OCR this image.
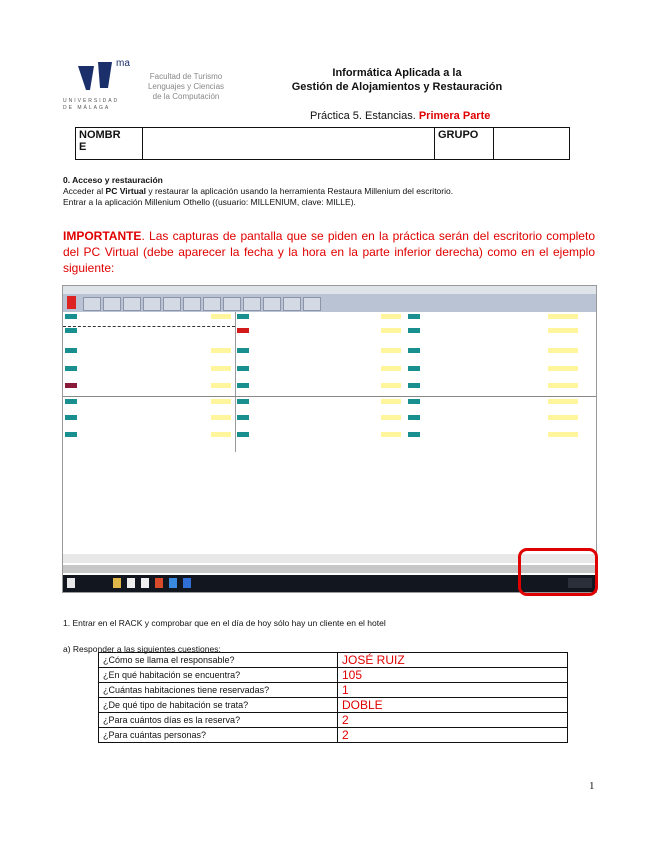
ma
UNIVERSIDAD DE MÁLAGA
Facultad de Turismo
Lenguajes y Ciencias
de la Computación
Informática Aplicada a la
Gestión de Alojamientos y Restauración
Práctica 5. Estancias. Primera Parte
NOMBR
E
		GRUPO	
0. Acceso y restauración
Acceder al PC Virtual y restaurar la aplicación usando la herramienta Restaura Millenium del escritorio.
Entrar a la aplicación Millenium Othello ((usuario: MILLENIUM, clave: MILLE).
IMPORTANTE. Las capturas de pantalla que se piden en la práctica serán del escritorio completo del PC Virtual (debe aparecer la fecha y la hora en la parte inferior derecha) como en el ejemplo siguiente:
1. Entrar en el RACK y comprobar que en el día de hoy sólo hay un cliente en el hotel
a) Responder a las siguientes cuestiones:
¿Cómo se llama el responsable?	JOSÉ RUIZ
¿En qué habitación se encuentra?	105
¿Cuántas habitaciones tiene reservadas?	1
¿De qué tipo de habitación se trata?	DOBLE
¿Para cuántos días es la reserva?	2
¿Para cuántas personas?	2
1
